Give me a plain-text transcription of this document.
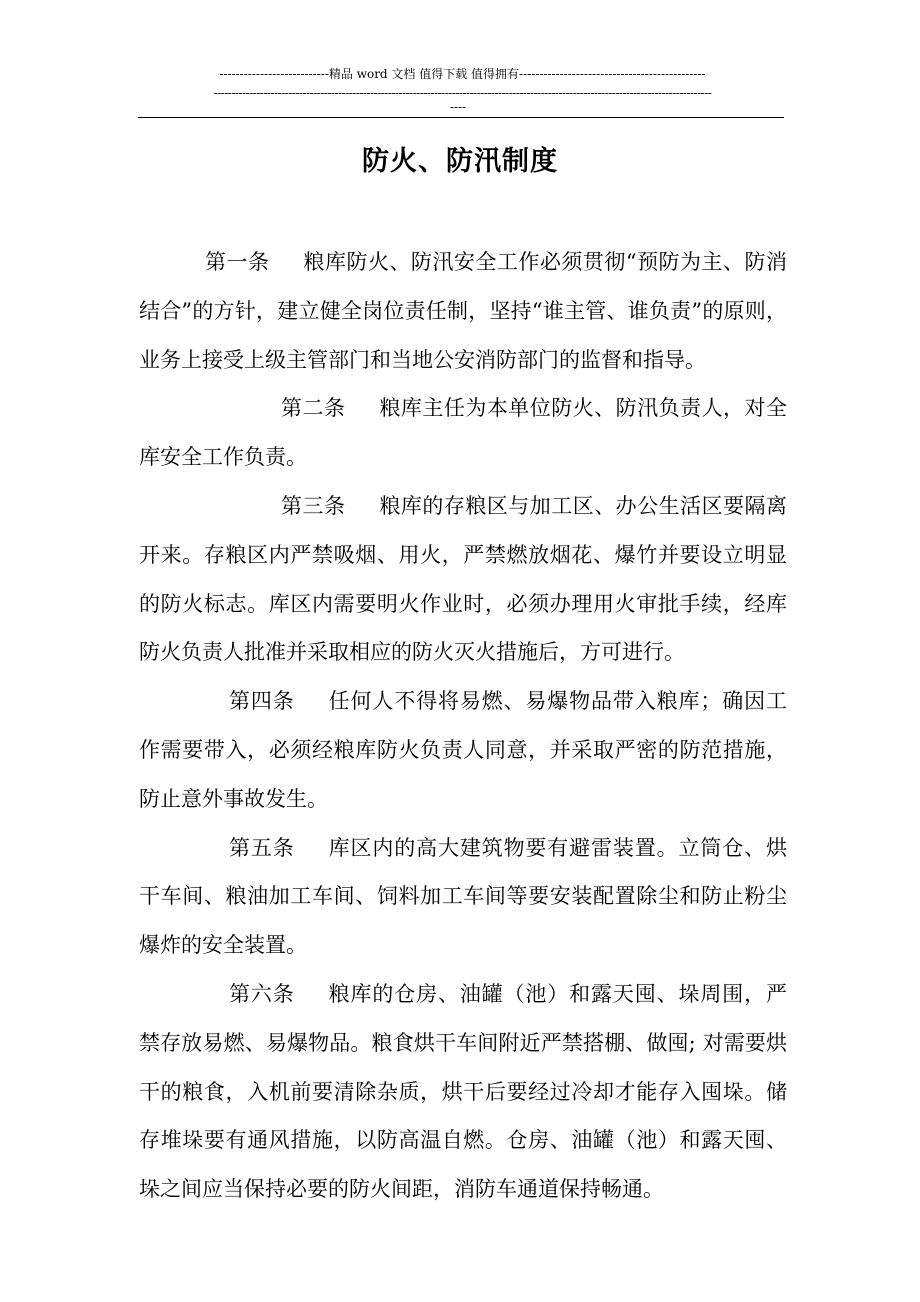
---------------------------精品 word 文档 值得下载 值得拥有----------------------------------------------
--------------------------------------------------------------------------------------------------------------------------------------------
----
防火、防汛制度

第一条 粮库防火、防汛安全工作必须贯彻“预防为主、防消结合”的方针，建立健全岗位责任制，坚持“谁主管、谁负责”的原则，业务上接受上级主管部门和当地公安消防部门的监督和指导。

第二条 粮库主任为本单位防火、防汛负责人，对全库安全工作负责。

第三条 粮库的存粮区与加工区、办公生活区要隔离开来。存粮区内严禁吸烟、用火，严禁燃放烟花、爆竹并要设立明显的防火标志。库区内需要明火作业时，必须办理用火审批手续，经库防火负责人批准并采取相应的防火灭火措施后，方可进行。

第四条 任何人不得将易燃、易爆物品带入粮库；确因工作需要带入，必须经粮库防火负责人同意，并采取严密的防范措施，防止意外事故发生。

第五条 库区内的高大建筑物要有避雷装置。立筒仓、烘干车间、粮油加工车间、饲料加工车间等要安装配置除尘和防止粉尘爆炸的安全装置。

第六条 粮库的仓房、油罐（池）和露天囤、垛周围，严禁存放易燃、易爆物品。粮食烘干车间附近严禁搭棚、做囤; 对需要烘干的粮食，入机前要清除杂质，烘干后要经过冷却才能存入囤垛。储存堆垛要有通风措施，以防高温自燃。仓房、油罐（池）和露天囤、垛之间应当保持必要的防火间距，消防车通道保持畅通。
